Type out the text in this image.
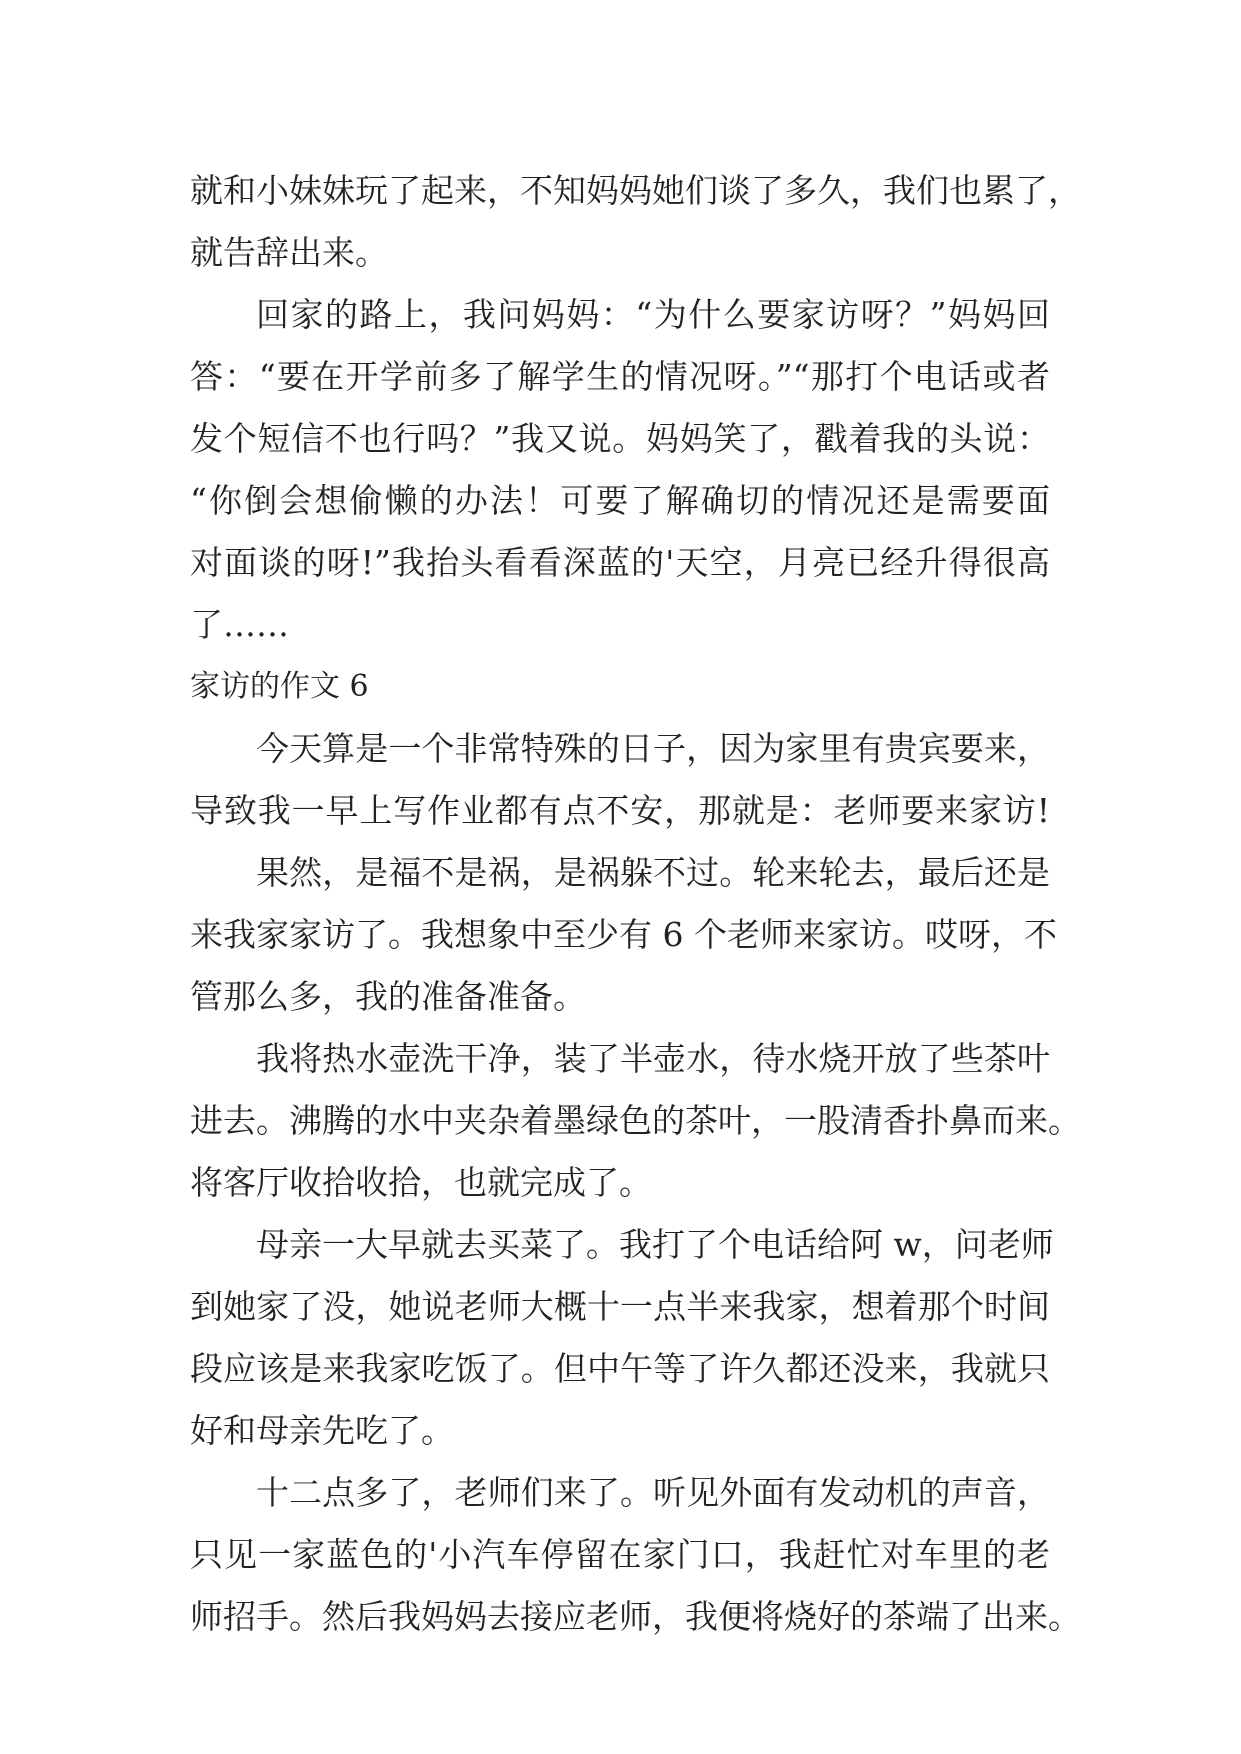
就和小妹妹玩了起来，不知妈妈她们谈了多久，我们也累了，
就告辞出来。
回家的路上，我问妈妈：“为什么要家访呀？”妈妈回
答：“要在开学前多了解学生的情况呀。”“那打个电话或者
发个短信不也行吗？”我又说。妈妈笑了，戳着我的头说：
“你倒会想偷懒的办法！可要了解确切的情况还是需要面
对面谈的呀!”我抬头看看深蓝的'天空，月亮已经升得很高
了……
家访的作文 6
今天算是一个非常特殊的日子，因为家里有贵宾要来，
导致我一早上写作业都有点不安，那就是：老师要来家访!
果然，是福不是祸，是祸躲不过。轮来轮去，最后还是
来我家家访了。我想象中至少有 6 个老师来家访。哎呀，不
管那么多，我的准备准备。
我将热水壶洗干净，装了半壶水，待水烧开放了些茶叶
进去。沸腾的水中夹杂着墨绿色的茶叶，一股清香扑鼻而来。
将客厅收拾收拾，也就完成了。
母亲一大早就去买菜了。我打了个电话给阿 w，问老师
到她家了没，她说老师大概十一点半来我家，想着那个时间
段应该是来我家吃饭了。但中午等了许久都还没来，我就只
好和母亲先吃了。
十二点多了，老师们来了。听见外面有发动机的声音，
只见一家蓝色的'小汽车停留在家门口，我赶忙对车里的老
师招手。然后我妈妈去接应老师，我便将烧好的茶端了出来。
